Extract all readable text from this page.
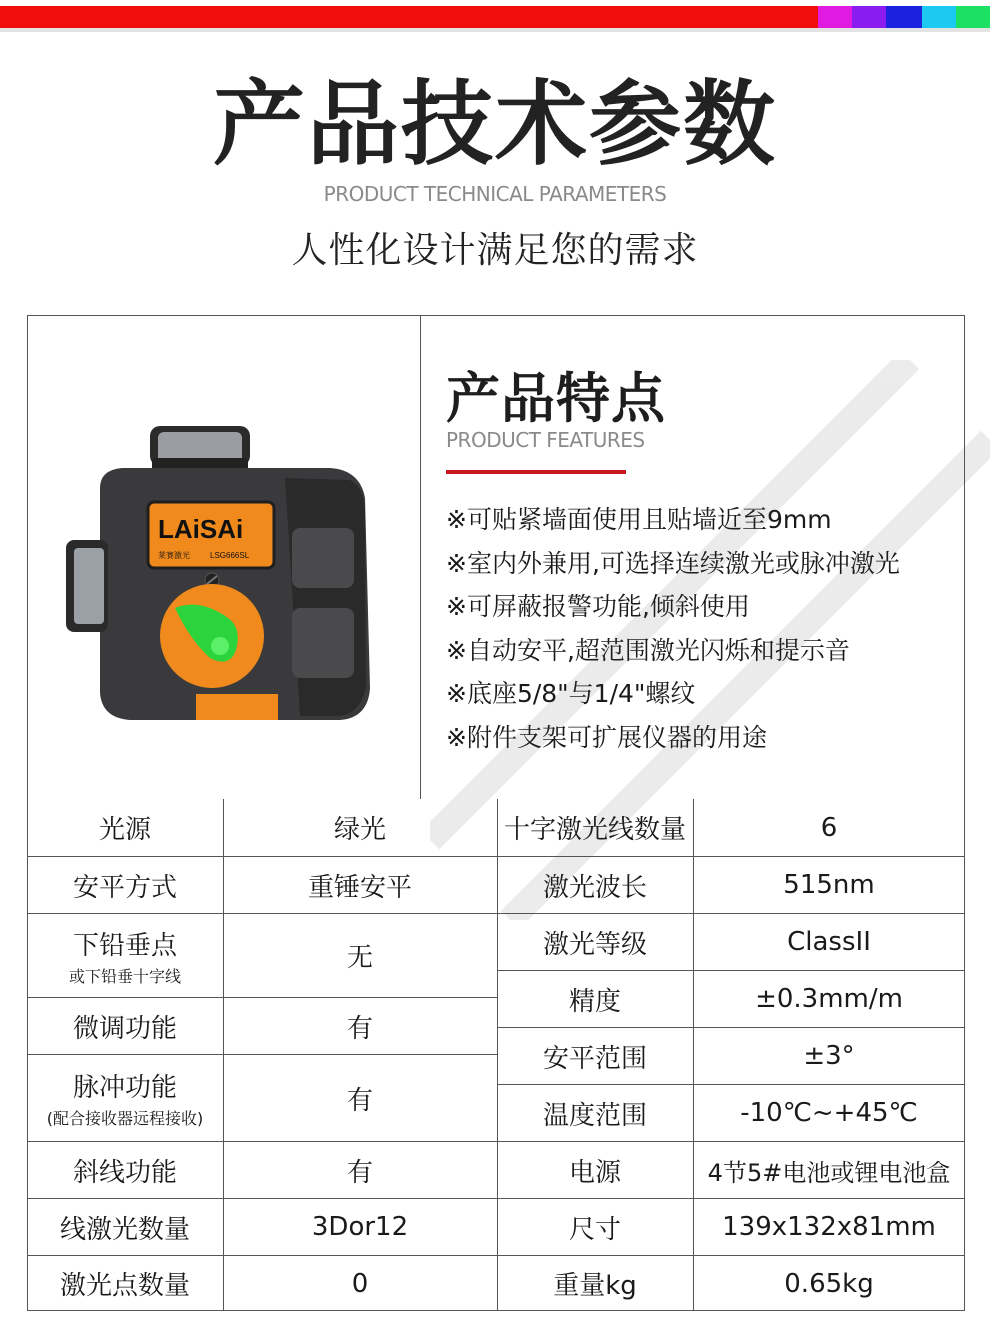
产品技术参数
PRODUCT TECHNICAL PARAMETERS
人性化设计满足您的需求
LAiSAi
莱赛激光	LSG666SL
产品特点
PRODUCT FEATURES
※可贴紧墙面使用且贴墙近至9mm
※室内外兼用,可选择连续激光或脉冲激光
※可屏蔽报警功能,倾斜使用
※自动安平,超范围激光闪烁和提示音
※底座5/8"与1/4"螺纹
※附件支架可扩展仪器的用途
光源
安平方式
下铅垂点
或下铅垂十字线
微调功能
脉冲功能
(配合接收器远程接收)
斜线功能
线激光数量
激光点数量
绿光
重锤安平
无
有
有
有
3Dor12
0
十字激光线数量
激光波长
激光等级
精度
安平范围
温度范围
电源
尺寸
重量kg
6
515nm
ClassII
±0.3mm/m
±3°
-10℃~+45℃
4节5#电池或锂电池盒
139x132x81mm
0.65kg
